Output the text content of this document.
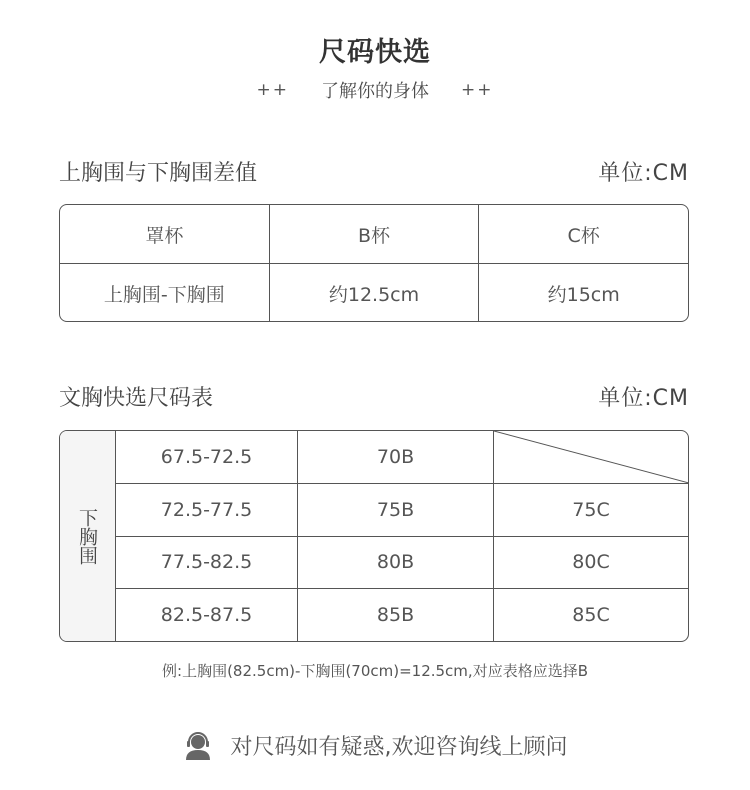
尺码快选
++ 了解你的身体 ++
上胸围与下胸围差值	单位:CM
罩杯	B杯	C杯
上胸围-下胸围	约12.5cm	约15cm
文胸快选尺码表	单位:CM
下胸围
67.5-72.5	70B
72.5-77.5	75B	75C
77.5-82.5	80B	80C
82.5-87.5	85B	85C
例:上胸围(82.5cm)-下胸围(70cm)=12.5cm,对应表格应选择B
对尺码如有疑惑,欢迎咨询线上顾问
